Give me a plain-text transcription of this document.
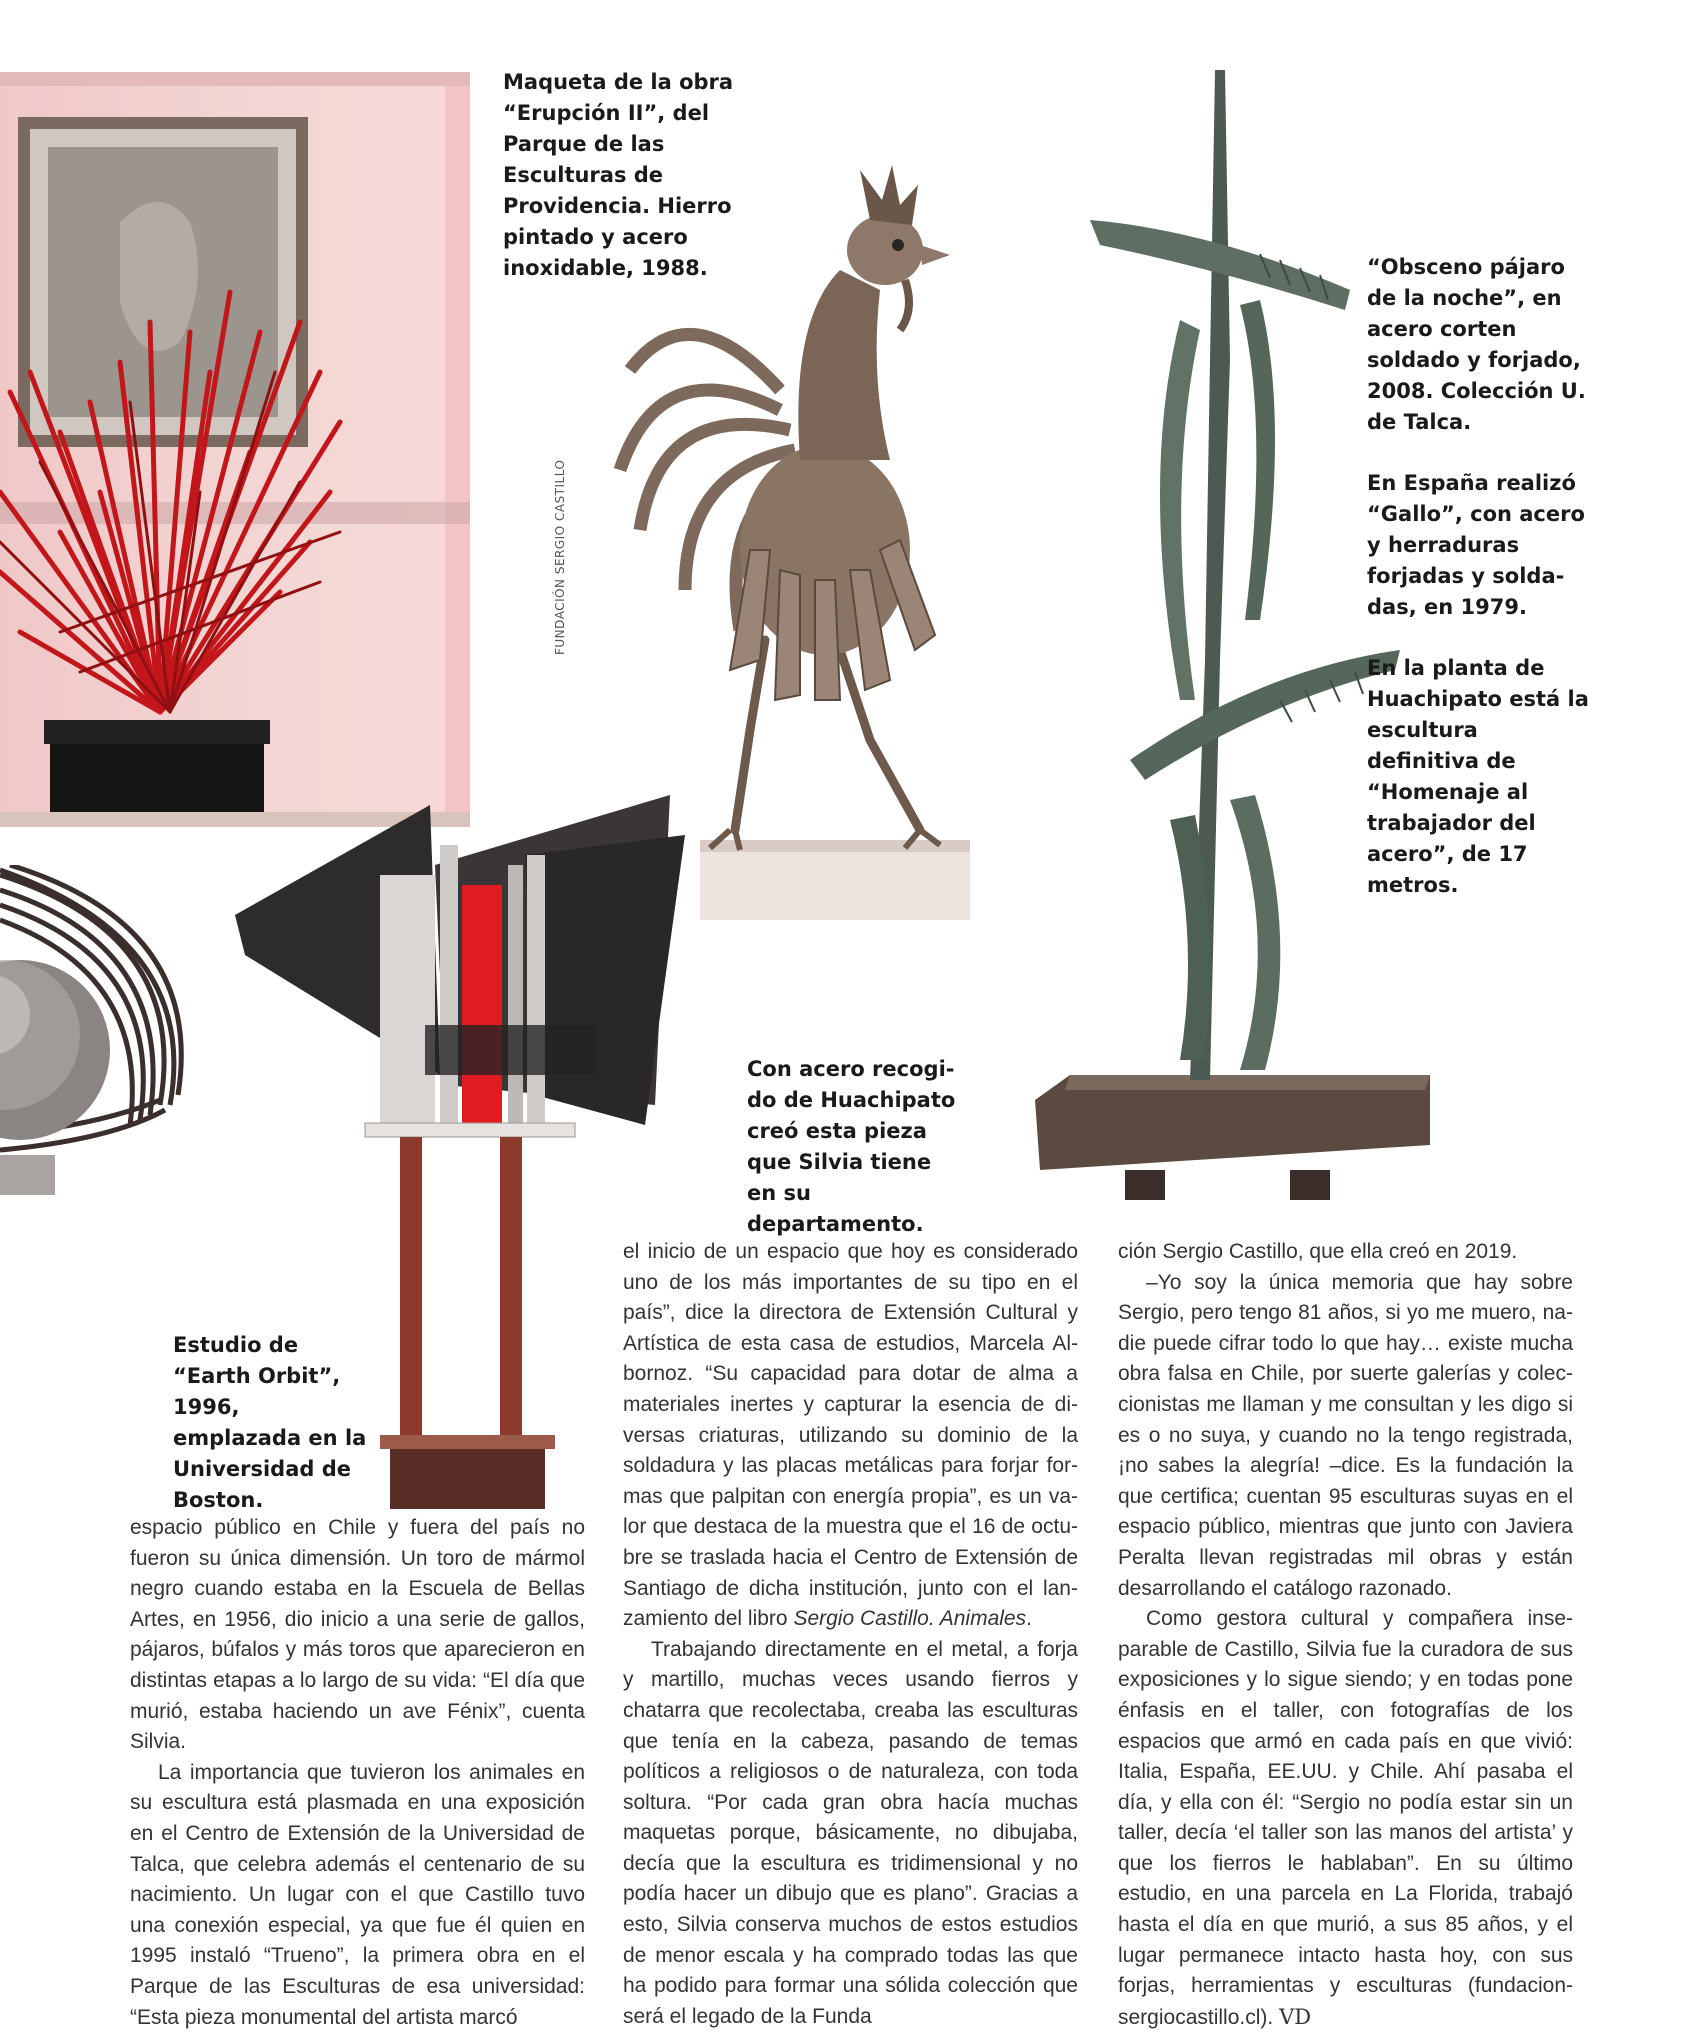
FUNDACIÓN SERGIO CASTILLO

Maqueta de la obra “Erupción II”, del Parque de las Esculturas de Providencia. Hierro pintado y acero inoxidable, 1988.	“Obsceno pájaro de la noche”, en acero corten soldado y forjado, 2008. Colección U. de Talca.

En España realizó “Gallo”, con acero y herraduras forjadas y soldadas, en 1979.

En la planta de Huachipato está la escultura definitiva de “Homenaje al trabajador del acero”, de 17 metros.

Con acero recogido de Huachipato creó esta pieza que Silvia tiene en su departamento.

Estudio de “Earth Orbit”, 1996, emplazada en la Universidad de Boston.

espacio público en Chile y fuera del país no fueron su única dimensión. Un toro de mármol negro cuando estaba en la Escuela de Bellas Artes, en 1956, dio inicio a una serie de gallos, pájaros, búfalos y más toros que aparecieron en distintas etapas a lo largo de su vida: “El día que murió, estaba haciendo un ave Fénix”, cuenta Silvia.

La importancia que tuvieron los animales en su escultura está plasmada en una exposición en el Centro de Extensión de la Universidad de Talca, que celebra además el centenario de su nacimiento. Un lugar con el que Castillo tuvo una conexión especial, ya que fue él quien en 1995 instaló “Trueno”, la primera obra en el Parque de las Esculturas de esa universidad: “Esta pieza monumental del artista marcó

el inicio de un espacio que hoy es considerado uno de los más importantes de su tipo en el país”, dice la directora de Extensión Cultural y Artística de esta casa de estudios, Marcela Albornoz. “Su capacidad para dotar de alma a materiales inertes y capturar la esencia de diversas criaturas, utilizando su dominio de la soldadura y las placas metálicas para forjar formas que palpitan con energía propia”, es un valor que destaca de la muestra que el 16 de octubre se traslada hacia el Centro de Extensión de Santiago de dicha institución, junto con el lanzamiento del libro Sergio Castillo. Animales.

Trabajando directamente en el metal, a forja y martillo, muchas veces usando fierros y chatarra que recolectaba, creaba las esculturas que tenía en la cabeza, pasando de temas políticos a religiosos o de naturaleza, con toda soltura. “Por cada gran obra hacía muchas maquetas porque, básicamente, no dibujaba, decía que la escultura es tridimensional y no podía hacer un dibujo que es plano”. Gracias a esto, Silvia conserva muchos de estos estudios de menor escala y ha comprado todas las que ha podido para formar una sólida colección que será el legado de la Funda

ción Sergio Castillo, que ella creó en 2019.

–Yo soy la única memoria que hay sobre Sergio, pero tengo 81 años, si yo me muero, nadie puede cifrar todo lo que hay… existe mucha obra falsa en Chile, por suerte galerías y coleccionistas me llaman y me consultan y les digo si es o no suya, y cuando no la tengo registrada, ¡no sabes la alegría! –dice. Es la fundación la que certifica; cuentan 95 esculturas suyas en el espacio público, mientras que junto con Javiera Peralta llevan registradas mil obras y están desarrollando el catálogo razonado.

Como gestora cultural y compañera inseparable de Castillo, Silvia fue la curadora de sus exposiciones y lo sigue siendo; y en todas pone énfasis en el taller, con fotografías de los espacios que armó en cada país en que vivió: Italia, España, EE.UU. y Chile. Ahí pasaba el día, y ella con él: “Sergio no podía estar sin un taller, decía ‘el taller son las manos del artista’ y que los fierros le hablaban”. En su último estudio, en una parcela en La Florida, trabajó hasta el día en que murió, a sus 85 años, y el lugar permanece intacto hasta hoy, con sus forjas, herramientas y esculturas (fundacionsergiocastillo.cl). VD
